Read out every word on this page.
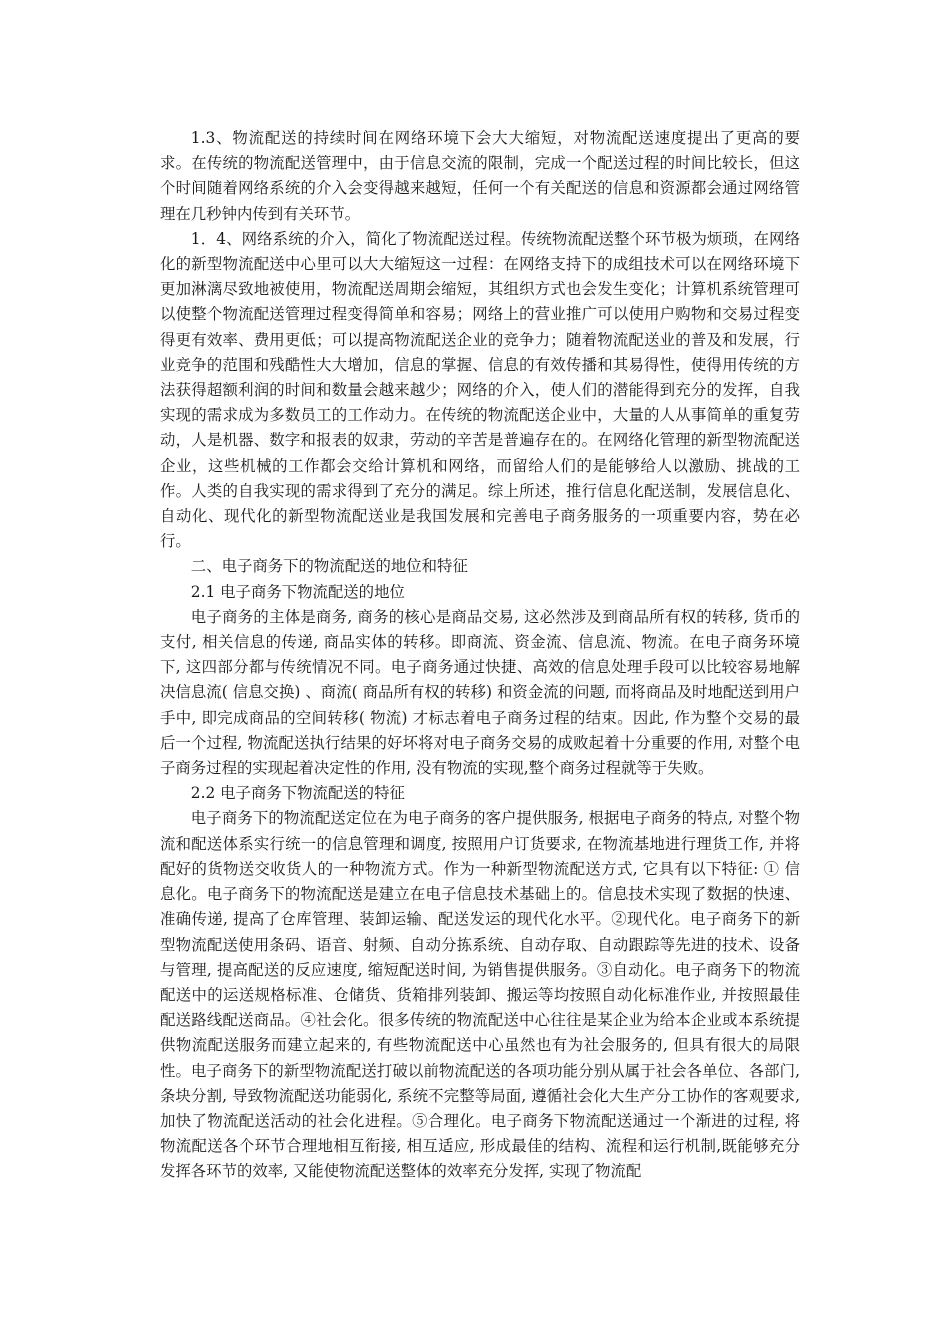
1.3、物流配送的持续时间在网络环境下会大大缩短，对物流配送速度提出了更高的要求。在传统的物流配送管理中，由于信息交流的限制，完成一个配送过程的时间比较长，但这个时间随着网络系统的介入会变得越来越短，任何一个有关配送的信息和资源都会通过网络管理在几秒钟内传到有关环节。

1．4、网络系统的介入，简化了物流配送过程。传统物流配送整个环节极为烦琐，在网络化的新型物流配送中心里可以大大缩短这一过程：在网络支持下的成组技术可以在网络环境下更加淋漓尽致地被使用，物流配送周期会缩短，其组织方式也会发生变化；计算机系统管理可以使整个物流配送管理过程变得简单和容易；网络上的营业推广可以使用户购物和交易过程变得更有效率、费用更低；可以提高物流配送企业的竞争力；随着物流配送业的普及和发展，行业竞争的范围和残酷性大大增加，信息的掌握、信息的有效传播和其易得性，使得用传统的方法获得超额利润的时间和数量会越来越少；网络的介入，使人们的潜能得到充分的发挥，自我实现的需求成为多数员工的工作动力。在传统的物流配送企业中，大量的人从事简单的重复劳动，人是机器、数字和报表的奴隶，劳动的辛苦是普遍存在的。在网络化管理的新型物流配送企业，这些机械的工作都会交给计算机和网络，而留给人们的是能够给人以激励、挑战的工作。人类的自我实现的需求得到了充分的满足。综上所述，推行信息化配送制，发展信息化、自动化、现代化的新型物流配送业是我国发展和完善电子商务服务的一项重要内容，势在必行。

二、电子商务下的物流配送的地位和特征

2.1 电子商务下物流配送的地位

电子商务的主体是商务, 商务的核心是商品交易, 这必然涉及到商品所有权的转移, 货币的支付, 相关信息的传递, 商品实体的转移。即商流、资金流、信息流、物流。在电子商务环境下, 这四部分都与传统情况不同。电子商务通过快捷、高效的信息处理手段可以比较容易地解决信息流( 信息交换) 、商流( 商品所有权的转移) 和资金流的问题, 而将商品及时地配送到用户手中, 即完成商品的空间转移( 物流) 才标志着电子商务过程的结束。因此, 作为整个交易的最后一个过程, 物流配送执行结果的好坏将对电子商务交易的成败起着十分重要的作用, 对整个电子商务过程的实现起着决定性的作用, 没有物流的实现,整个商务过程就等于失败。

2.2 电子商务下物流配送的特征

电子商务下的物流配送定位在为电子商务的客户提供服务, 根据电子商务的特点, 对整个物流和配送体系实行统一的信息管理和调度, 按照用户订货要求, 在物流基地进行理货工作, 并将配好的货物送交收货人的一种物流方式。作为一种新型物流配送方式, 它具有以下特征: ① 信息化。电子商务下的物流配送是建立在电子信息技术基础上的。信息技术实现了数据的快速、准确传递, 提高了仓库管理、装卸运输、配送发运的现代化水平。②现代化。电子商务下的新型物流配送使用条码、语音、射频、自动分拣系统、自动存取、自动跟踪等先进的技术、设备与管理, 提高配送的反应速度, 缩短配送时间, 为销售提供服务。③自动化。电子商务下的物流配送中的运送规格标准、仓储货、货箱排列装卸、搬运等均按照自动化标准作业, 并按照最佳配送路线配送商品。④社会化。很多传统的物流配送中心往往是某企业为给本企业或本系统提供物流配送服务而建立起来的, 有些物流配送中心虽然也有为社会服务的, 但具有很大的局限性。电子商务下的新型物流配送打破以前物流配送的各项功能分别从属于社会各单位、各部门, 条块分割, 导致物流配送功能弱化, 系统不完整等局面, 遵循社会化大生产分工协作的客观要求, 加快了物流配送活动的社会化进程。⑤合理化。电子商务下物流配送通过一个渐进的过程, 将物流配送各个环节合理地相互衔接, 相互适应, 形成最佳的结构、流程和运行机制,既能够充分发挥各环节的效率, 又能使物流配送整体的效率充分发挥, 实现了物流配
